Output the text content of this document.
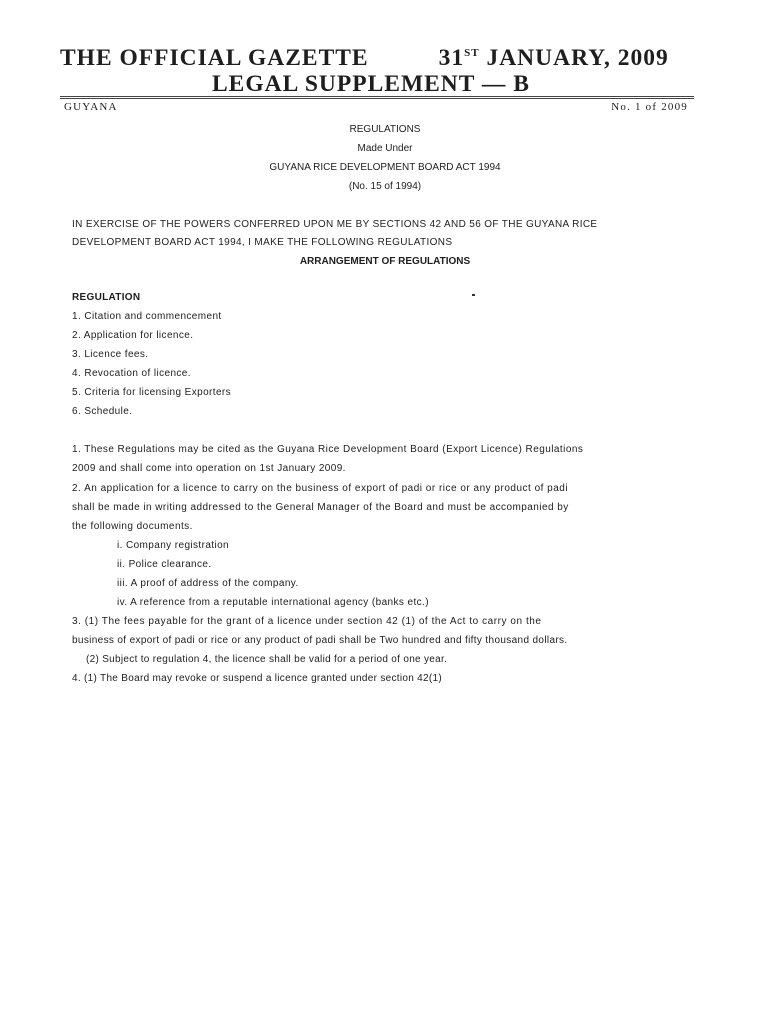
THE OFFICIAL GAZETTE	31ST JANUARY, 2009
LEGAL SUPPLEMENT — B
GUYANA	No. 1 of 2009
REGULATIONS
Made Under
GUYANA RICE DEVELOPMENT BOARD ACT 1994
(No. 15 of 1994)
IN EXERCISE OF THE POWERS CONFERRED UPON ME BY SECTIONS 42 AND 56 OF THE GUYANA RICE
DEVELOPMENT BOARD ACT 1994, I MAKE THE FOLLOWING REGULATIONS
ARRANGEMENT OF REGULATIONS
REGULATION
1. Citation and commencement
2. Application for licence.
3. Licence fees.
4. Revocation of licence.
5. Criteria for licensing Exporters
6. Schedule.
1. These Regulations may be cited as the Guyana Rice Development Board (Export Licence) Regulations
2009 and shall come into operation on 1st January 2009.
2. An application for a licence to carry on the business of export of padi or rice or any product of padi
shall be made in writing addressed to the General Manager of the Board and must be accompanied by
the following documents.
i. Company registration
ii. Police clearance.
iii. A proof of address of the company.
iv. A reference from a reputable international agency (banks etc.)
3. (1) The fees payable for the grant of a licence under section 42 (1) of the Act to carry on the
business of export of padi or rice or any product of padi shall be Two hundred and fifty thousand dollars.
(2) Subject to regulation 4, the licence shall be valid for a period of one year.
4. (1) The Board may revoke or suspend a licence granted under section 42(1)
